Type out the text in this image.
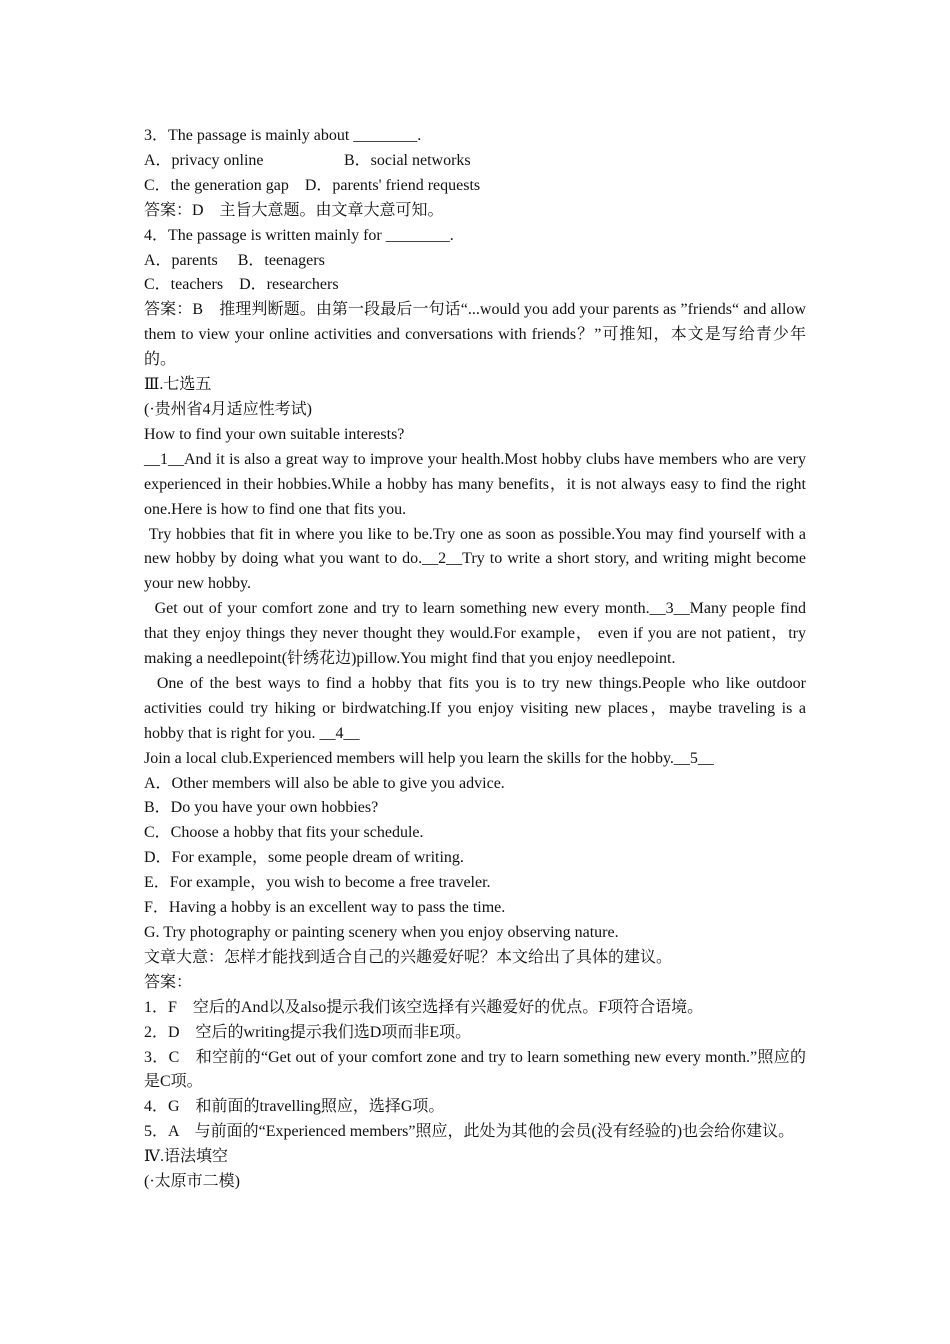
3．The passage is mainly about ________.

A．privacy online	B．social networks

C．the generation gap　D．parents' friend requests

答案：D　主旨大意题。由文章大意可知。

4．The passage is written mainly for ________.

A．parents　 B．teenagers

C．teachers　D．researchers

答案：B　推理判断题。由第一段最后一句话“...would you add your parents as ”friends“ and allow them to view your online activities and conversations with friends？”可推知，本文是写给青少年的。

Ⅲ.七选五

(·贵州省4月适应性考试)

How to find your own suitable interests?

__1__And it is also a great way to improve your health.Most hobby clubs have members who are very experienced in their hobbies.While a hobby has many benefits，it is not always easy to find the right one.Here is how to find one that fits you.

Try hobbies that fit in where you like to be.Try one as soon as possible.You may find yourself with a new hobby by doing what you want to do.__2__Try to write a short story, and writing might become your new hobby.

Get out of your comfort zone and try to learn something new every month.__3__Many people find that they enjoy things they never thought they would.For example， even if you are not patient，try making a needlepoint(针绣花边)pillow.You might find that you enjoy needlepoint.

One of the best ways to find a hobby that fits you is to try new things.People who like outdoor activities could try hiking or birdwatching.If you enjoy visiting new places，maybe traveling is a hobby that is right for you. __4__

Join a local club.Experienced members will help you learn the skills for the hobby.__5__

A．Other members will also be able to give you advice.

B．Do you have your own hobbies?

C．Choose a hobby that fits your schedule.

D．For example，some people dream of writing.

E．For example，you wish to become a free traveler.

F．Having a hobby is an excellent way to pass the time.

G. Try photography or painting scenery when you enjoy observing nature.

文章大意：怎样才能找到适合自己的兴趣爱好呢？本文给出了具体的建议。

答案：

1．F　空后的And以及also提示我们该空选择有兴趣爱好的优点。F项符合语境。

2．D　空后的writing提示我们选D项而非E项。

3．C　和空前的“Get out of your comfort zone and try to learn something new every month.”照应的是C项。

4．G　和前面的travelling照应，选择G项。

5．A　与前面的“Experienced members”照应，此处为其他的会员(没有经验的)也会给你建议。

Ⅳ.语法填空

(·太原市二模)
